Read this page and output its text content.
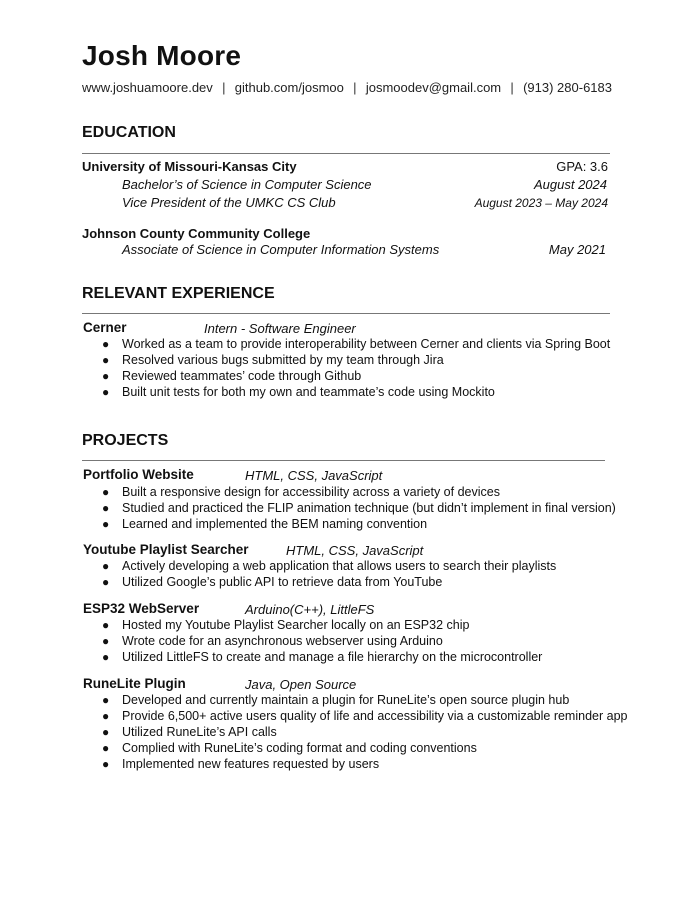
Josh Moore
www.joshuamoore.dev | github.com/josmoo | josmoodev@gmail.com | (913) 280-6183
EDUCATION
University of Missouri-Kansas City	GPA: 3.6
Bachelor’s of Science in Computer Science	August 2024
Vice President of the UMKC CS Club	August 2023 – May 2024
Johnson County Community College
Associate of Science in Computer Information Systems	May 2021
RELEVANT EXPERIENCE
Cerner	Intern - Software Engineer
● Worked as a team to provide interoperability between Cerner and clients via Spring Boot
● Resolved various bugs submitted by my team through Jira
● Reviewed teammates’ code through Github
● Built unit tests for both my own and teammate’s code using Mockito
PROJECTS
Portfolio Website	HTML, CSS, JavaScript
● Built a responsive design for accessibility across a variety of devices
● Studied and practiced the FLIP animation technique (but didn’t implement in final version)
● Learned and implemented the BEM naming convention
Youtube Playlist Searcher	HTML, CSS, JavaScript
● Actively developing a web application that allows users to search their playlists
● Utilized Google’s public API to retrieve data from YouTube
ESP32 WebServer	Arduino(C++), LittleFS
● Hosted my Youtube Playlist Searcher locally on an ESP32 chip
● Wrote code for an asynchronous webserver using Arduino
● Utilized LittleFS to create and manage a file hierarchy on the microcontroller
RuneLite Plugin	Java, Open Source
● Developed and currently maintain a plugin for RuneLite’s open source plugin hub
● Provide 6,500+ active users quality of life and accessibility via a customizable reminder app
● Utilized RuneLite’s API calls
● Complied with RuneLite’s coding format and coding conventions
● Implemented new features requested by users
